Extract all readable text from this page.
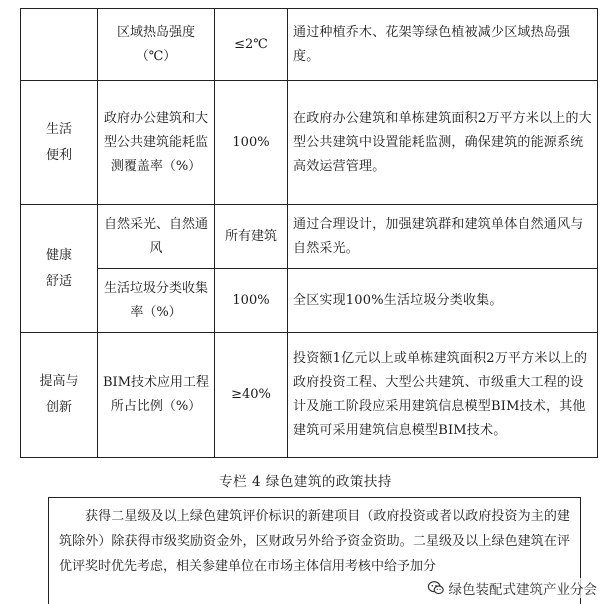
	区域热岛强度（℃）	≤2℃	通过种植乔木、花架等绿色植被减少区域热岛强度。
生活便利	政府办公建筑和大型公共建筑能耗监测覆盖率（%）	100%	在政府办公建筑和单栋建筑面积2万平方米以上的大型公共建筑中设置能耗监测，确保建筑的能源系统高效运营管理。
健康舒适	自然采光、自然通风	所有建筑	通过合理设计，加强建筑群和建筑单体自然通风与自然采光。
	生活垃圾分类收集率（%）	100%	全区实现100%生活垃圾分类收集。
提高与创新	BIM技术应用工程所占比例（%）	≥40%	投资额1亿元以上或单栋建筑面积2万平方米以上的政府投资工程、大型公共建筑、市级重大工程的设计及施工阶段应采用建筑信息模型BIM技术，其他建筑可采用建筑信息模型BIM技术。
专栏 4 绿色建筑的政策扶持

获得二星级及以上绿色建筑评价标识的新建项目（政府投资或者以政府投资为主的建筑除外）除获得市级奖励资金外，区财政另外给予资金资助。二星级及以上绿色建筑在评优评奖时优先考虑，相关参建单位在市场主体信用考核中给予加分

绿色装配式建筑产业分会
